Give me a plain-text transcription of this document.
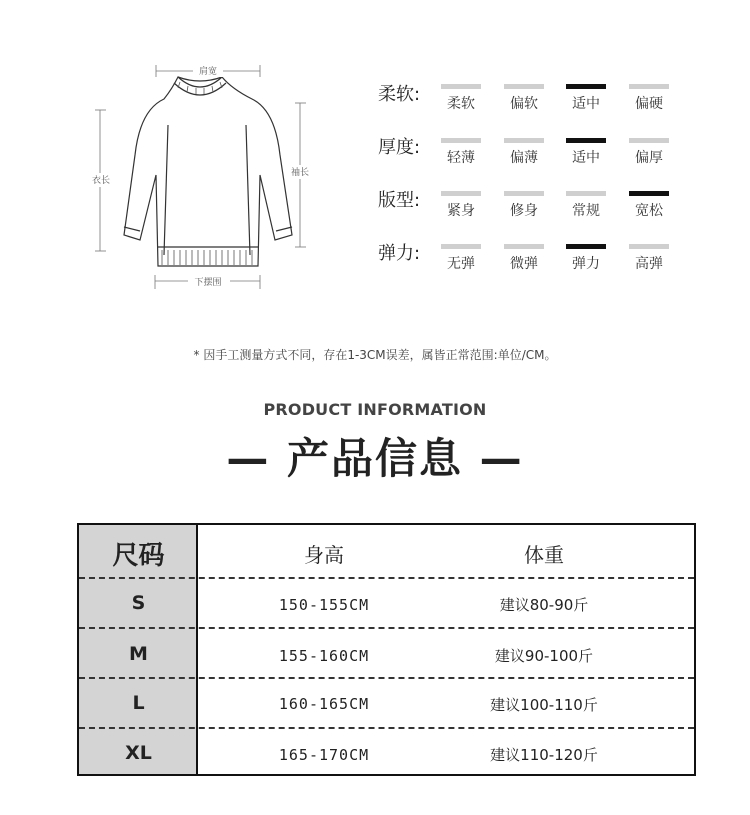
肩宽
衣长
袖长
下摆围
柔软:	柔软	偏软	适中	偏硬
厚度:	轻薄	偏薄	适中	偏厚
版型:	紧身	修身	常规	宽松
弹力:	无弹	微弹	弹力	高弹
* 因手工测量方式不同，存在1-3CM误差，属皆正常范围:单位/CM。
PRODUCT INFORMATION
— 产品信息 —
尺码	身高	体重
S	150-155CM	建议80-90斤
M	155-160CM	建议90-100斤
L	160-165CM	建议100-110斤
XL	165-170CM	建议110-120斤
